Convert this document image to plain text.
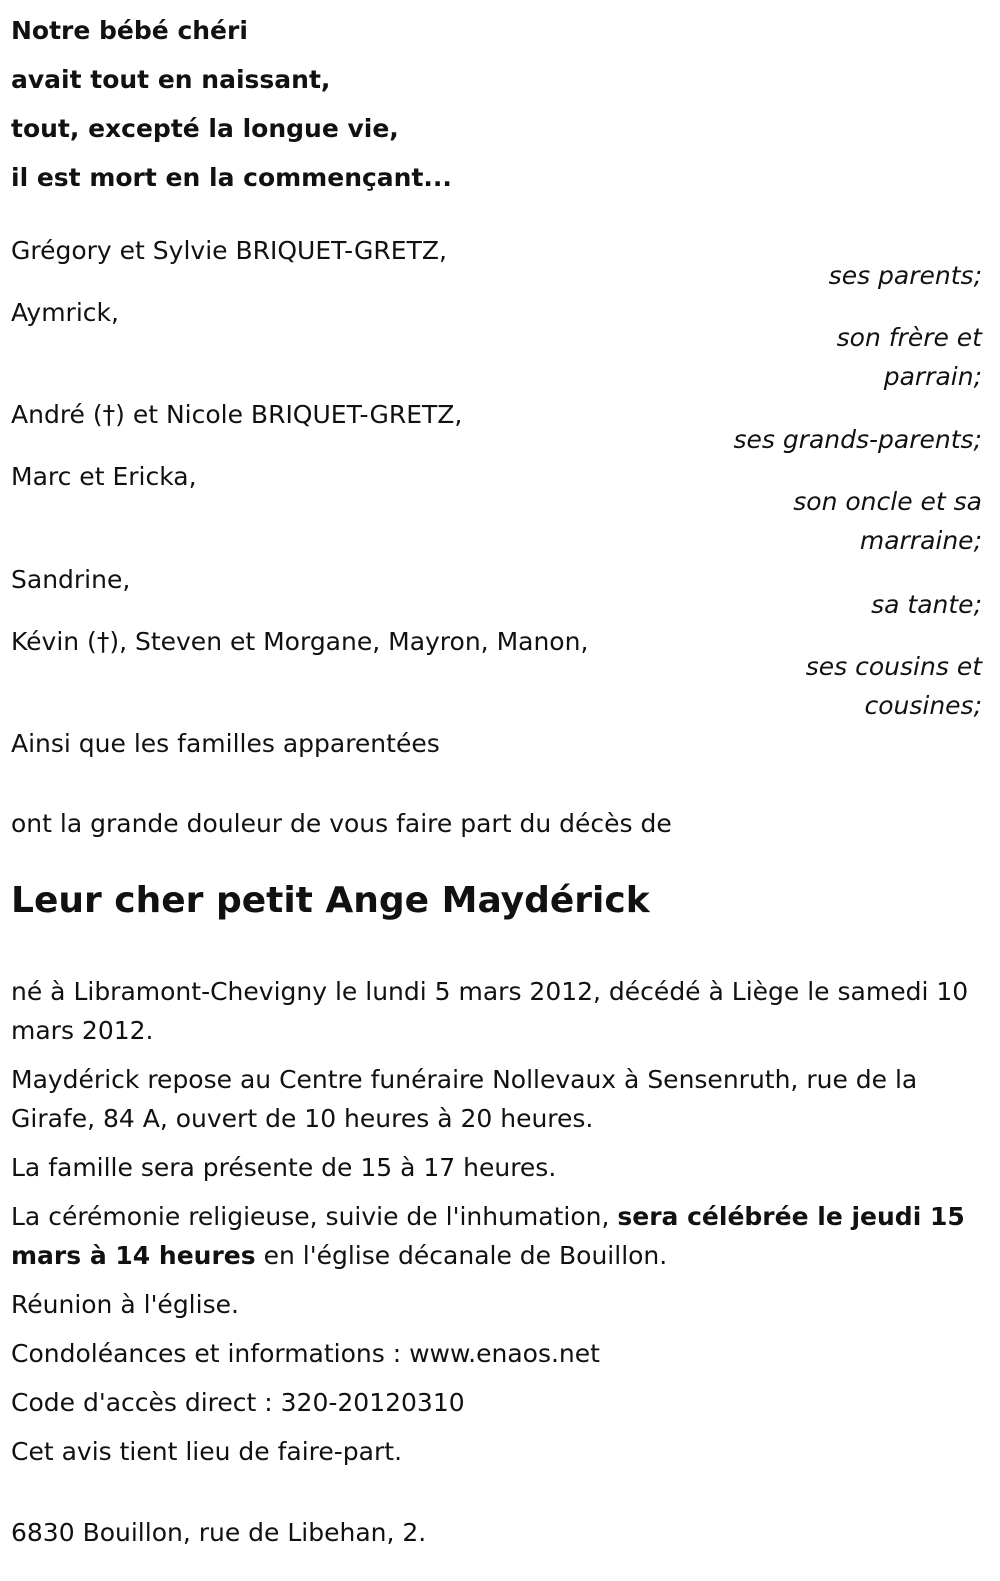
Notre bébé chéri
avait tout en naissant,
tout, excepté la longue vie,
il est mort en la commençant...
Grégory et Sylvie BRIQUET-GRETZ,
ses parents;
Aymrick,
son frère et parrain;
André (†) et Nicole BRIQUET-GRETZ,
ses grands-parents;
Marc et Ericka,
son oncle et sa marraine;
Sandrine,
sa tante;
Kévin (†), Steven et Morgane, Mayron, Manon,
ses cousins et cousines;
Ainsi que les familles apparentées
ont la grande douleur de vous faire part du décès de
Leur cher petit Ange Maydérick

né à Libramont-Chevigny le lundi 5 mars 2012, décédé à Liège le samedi 10 mars 2012.

Maydérick repose au Centre funéraire Nollevaux à Sensenruth, rue de la Girafe, 84 A, ouvert de 10 heures à 20 heures.

La famille sera présente de 15 à 17 heures.

La cérémonie religieuse, suivie de l'inhumation, sera célébrée le jeudi 15 mars à 14 heures en l'église décanale de Bouillon.

Réunion à l'église.

Condoléances et informations : www.enaos.net

Code d'accès direct : 320-20120310

Cet avis tient lieu de faire-part.

6830 Bouillon, rue de Libehan, 2.
